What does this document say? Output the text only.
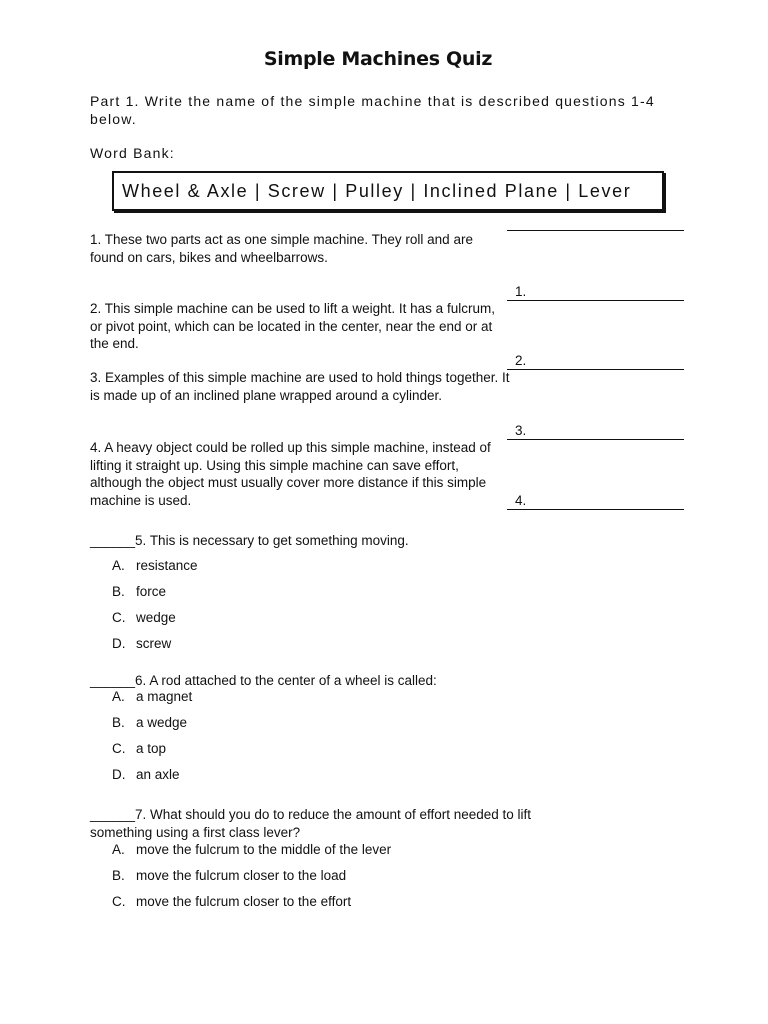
Simple Machines Quiz
Part 1. Write the name of the simple machine that is described questions 1-4 below.
Word Bank:
Wheel & Axle | Screw | Pulley | Inclined Plane | Lever
1. These two parts act as one simple machine. They roll and are found on cars, bikes and wheelbarrows.
2. This simple machine can be used to lift a weight. It has a fulcrum, or pivot point, which can be located in the center, near the end or at the end.
3. Examples of this simple machine are used to hold things together. It is made up of an inclined plane wrapped around a cylinder.
4. A heavy object could be rolled up this simple machine, instead of lifting it straight up. Using this simple machine can save effort, although the object must usually cover more distance if this simple machine is used.
1.
2.
3.
4.
______5. This is necessary to get something moving.
A. resistance
B. force
C. wedge
D. screw
______6. A rod attached to the center of a wheel is called:
A. a magnet
B. a wedge
C. a top
D. an axle
______7. What should you do to reduce the amount of effort needed to lift
something using a first class lever?
A. move the fulcrum to the middle of the lever
B. move the fulcrum closer to the load
C. move the fulcrum closer to the effort
